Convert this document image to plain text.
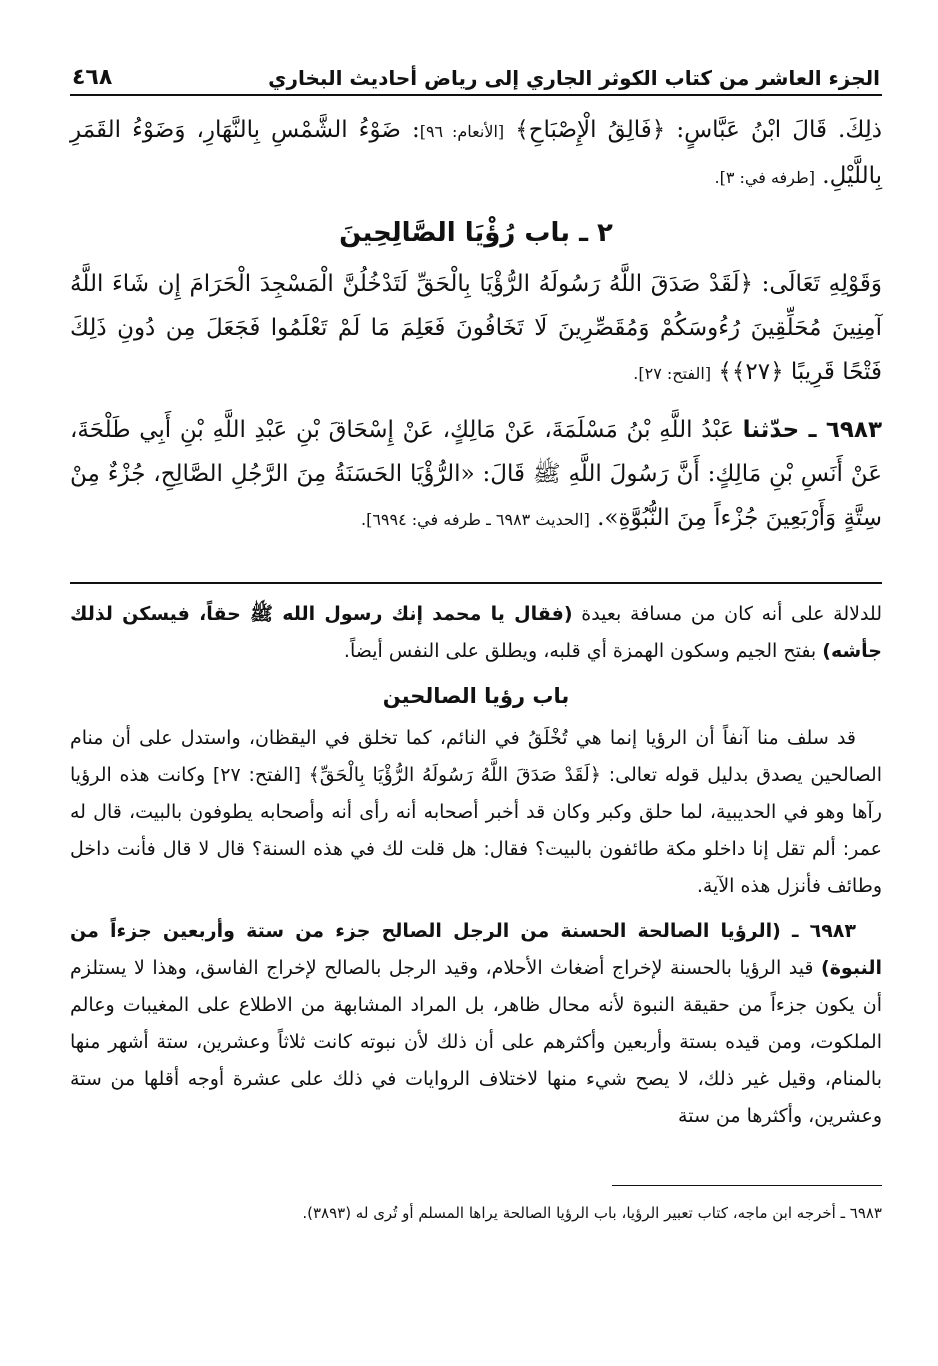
الجزء العاشر من كتاب الكوثر الجاري إلى رياض أحاديث البخاري
٤٦٨

ذلِكَ. قَالَ ابْنُ عَبَّاسٍ: ﴿فَالِقُ الْإِصْبَاحِ﴾ [الأنعام: ٩٦]: ضَوْءُ الشَّمْسِ بِالنَّهَارِ، وَضَوْءُ القَمَرِ بِاللَّيْلِ. [طرفه في: ٣].

٢ ـ باب رُؤْيَا الصَّالِحِينَ

وَقَوْلِهِ تَعَالَى: ﴿لَقَدْ صَدَقَ اللَّهُ رَسُولَهُ الرُّؤْيَا بِالْحَقِّ لَتَدْخُلُنَّ الْمَسْجِدَ الْحَرَامَ إِن شَاءَ اللَّهُ آمِنِينَ مُحَلِّقِينَ رُءُوسَكُمْ وَمُقَصِّرِينَ لَا تَخَافُونَ فَعَلِمَ مَا لَمْ تَعْلَمُوا فَجَعَلَ مِن دُونِ ذَلِكَ فَتْحًا قَرِيبًا ﴿٢٧﴾﴾ [الفتح: ٢٧].

٦٩٨٣ ـ حدّثنا عَبْدُ اللَّهِ بْنُ مَسْلَمَةَ، عَنْ مَالِكٍ، عَنْ إِسْحَاقَ بْنِ عَبْدِ اللَّهِ بْنِ أَبِي طَلْحَةَ، عَنْ أَنَسِ بْنِ مَالِكٍ: أَنَّ رَسُولَ اللَّهِ ﷺ قَالَ: «الرُّؤْيَا الحَسَنَةُ مِنَ الرَّجُلِ الصَّالِحِ، جُزْءٌ مِنْ سِتَّةٍ وَأَرْبَعِينَ جُزْءاً مِنَ النُّبُوَّةِ». [الحديث ٦٩٨٣ ـ طرفه في: ٦٩٩٤].

للدلالة على أنه كان من مسافة بعيدة (فقال يا محمد إنك رسول الله ﷺ حقاً، فيسكن لذلك جأشه) بفتح الجيم وسكون الهمزة أي قلبه، ويطلق على النفس أيضاً.

باب رؤيا الصالحين

قد سلف منا آنفاً أن الرؤيا إنما هي تُخْلَقُ في النائم، كما تخلق في اليقظان، واستدل على أن منام الصالحين يصدق بدليل قوله تعالى: ﴿لَقَدْ صَدَقَ اللَّهُ رَسُولَهُ الرُّؤْيَا بِالْحَقِّ﴾ [الفتح: ٢٧] وكانت هذه الرؤيا رآها وهو في الحديبية، لما حلق وكبر وكان قد أخبر أصحابه أنه رأى أنه وأصحابه يطوفون بالبيت، قال له عمر: ألم تقل إنا داخلو مكة طائفون بالبيت؟ فقال: هل قلت لك في هذه السنة؟ قال لا قال فأنت داخل وطائف فأنزل هذه الآية.

٦٩٨٣ ـ (الرؤيا الصالحة الحسنة من الرجل الصالح جزء من ستة وأربعين جزءاً من النبوة) قيد الرؤيا بالحسنة لإخراج أضغاث الأحلام، وقيد الرجل بالصالح لإخراج الفاسق، وهذا لا يستلزم أن يكون جزءاً من حقيقة النبوة لأنه محال ظاهر، بل المراد المشابهة من الاطلاع على المغيبات وعالم الملكوت، ومن قيده بستة وأربعين وأكثرهم على أن ذلك لأن نبوته كانت ثلاثاً وعشرين، ستة أشهر منها بالمنام، وقيل غير ذلك، لا يصح شيء منها لاختلاف الروايات في ذلك على عشرة أوجه أقلها من ستة وعشرين، وأكثرها من ستة

٦٩٨٣ ـ أخرجه ابن ماجه، كتاب تعبير الرؤيا، باب الرؤيا الصالحة يراها المسلم أو تُرى له (٣٨٩٣).
